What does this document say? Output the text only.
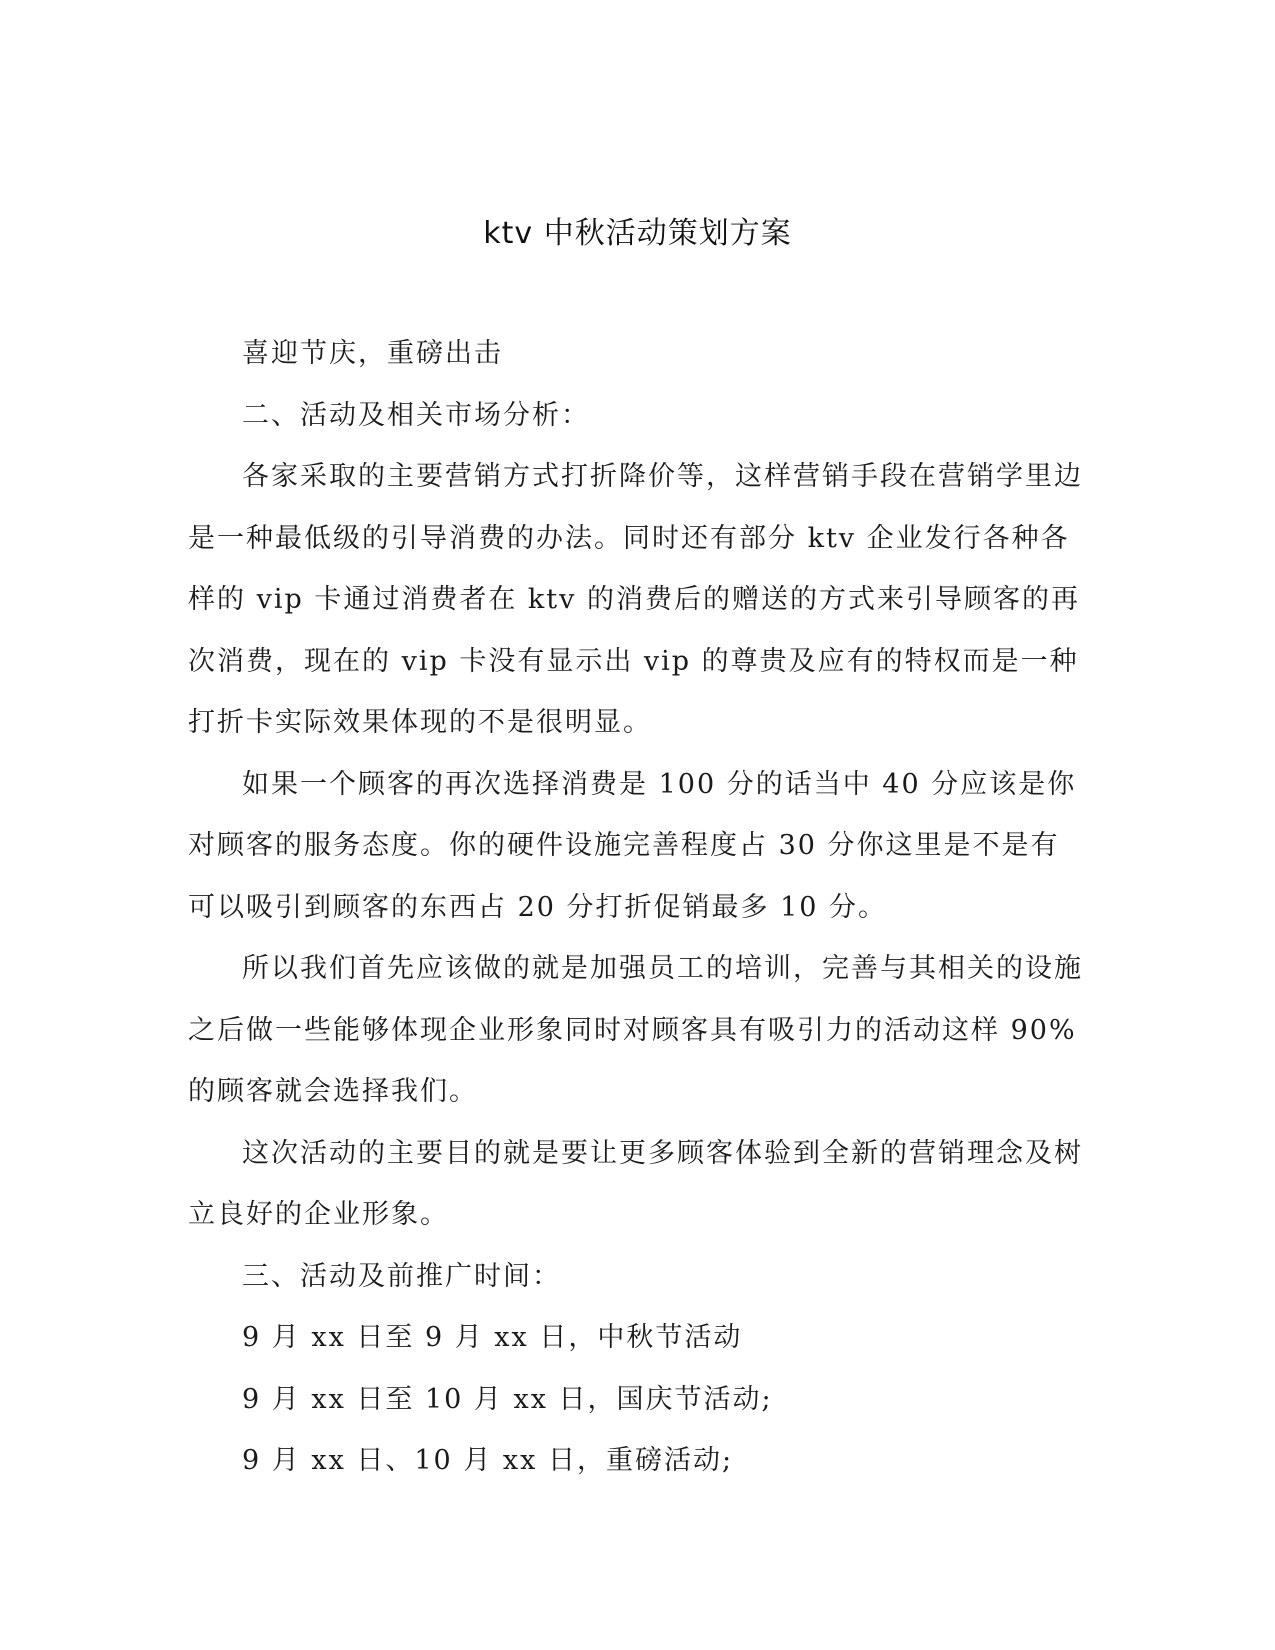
ktv 中秋活动策划方案

喜迎节庆，重磅出击

二、活动及相关市场分析：

各家采取的主要营销方式打折降价等，这样营销手段在营销学里边是一种最低级的引导消费的办法。同时还有部分 ktv 企业发行各种各样的 vip 卡通过消费者在 ktv 的消费后的赠送的方式来引导顾客的再次消费，现在的 vip 卡没有显示出 vip 的尊贵及应有的特权而是一种打折卡实际效果体现的不是很明显。

如果一个顾客的再次选择消费是 100 分的话当中 40 分应该是你对顾客的服务态度。你的硬件设施完善程度占 30 分你这里是不是有可以吸引到顾客的东西占 20 分打折促销最多 10 分。

所以我们首先应该做的就是加强员工的培训，完善与其相关的设施之后做一些能够体现企业形象同时对顾客具有吸引力的活动这样 90%的顾客就会选择我们。

这次活动的主要目的就是要让更多顾客体验到全新的营销理念及树立良好的企业形象。

三、活动及前推广时间：

9 月 xx 日至 9 月 xx 日，中秋节活动

9 月 xx 日至 10 月 xx 日，国庆节活动;

9 月 xx 日、10 月 xx 日，重磅活动;
